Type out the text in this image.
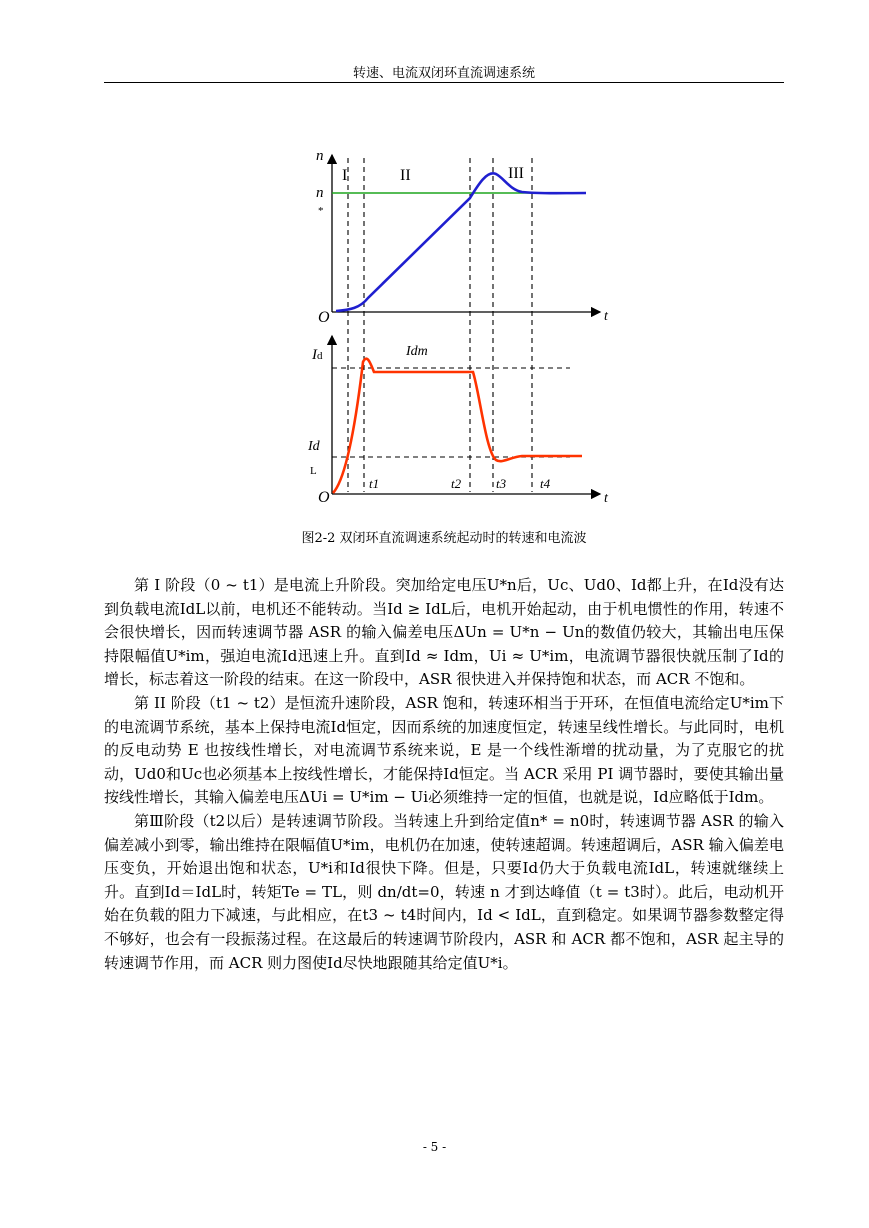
转速、电流双闭环直流调速系统
n
n
*
I	II	III
O	t
Id	Idm
Id
L
O	t
t1	t2	t3	t4
图2-2 双闭环直流调速系统起动时的转速和电流波

第 I 阶段（0 ~ t1）是电流上升阶段。突加给定电压U*n后，Uc、Ud0、Id都上升，在Id没有达到负载电流IdL以前，电机还不能转动。当Id ≥ IdL后，电机开始起动，由于机电惯性的作用，转速不会很快增长，因而转速调节器 ASR 的输入偏差电压ΔUn = U*n − Un的数值仍较大，其输出电压保持限幅值U*im，强迫电流Id迅速上升。直到Id ≈ Idm，Ui ≈ U*im，电流调节器很快就压制了Id的增长，标志着这一阶段的结束。在这一阶段中，ASR 很快进入并保持饱和状态，而 ACR 不饱和。

第 II 阶段（t1 ~ t2）是恒流升速阶段，ASR 饱和，转速环相当于开环，在恒值电流给定U*im下的电流调节系统，基本上保持电流Id恒定，因而系统的加速度恒定，转速呈线性增长。与此同时，电机的反电动势 E 也按线性增长，对电流调节系统来说，E 是一个线性渐增的扰动量，为了克服它的扰动，Ud0和Uc也必须基本上按线性增长，才能保持Id恒定。当 ACR 采用 PI 调节器时，要使其输出量按线性增长，其输入偏差电压ΔUi = U*im − Ui必须维持一定的恒值，也就是说，Id应略低于Idm。

第Ⅲ阶段（t2以后）是转速调节阶段。当转速上升到给定值n* = n0时，转速调节器 ASR 的输入偏差减小到零，输出维持在限幅值U*im，电机仍在加速，使转速超调。转速超调后，ASR 输入偏差电压变负，开始退出饱和状态，U*i和Id很快下降。但是，只要Id仍大于负载电流IdL，转速就继续上升。直到Id＝IdL时，转矩Te = TL，则 dn/dt=0，转速 n 才到达峰值（t = t3时）。此后，电动机开始在负载的阻力下减速，与此相应，在t3 ~ t4时间内，Id < IdL，直到稳定。如果调节器参数整定得不够好，也会有一段振荡过程。在这最后的转速调节阶段内，ASR 和 ACR 都不饱和，ASR 起主导的转速调节作用，而 ACR 则力图使Id尽快地跟随其给定值U*i。

- 5 -
